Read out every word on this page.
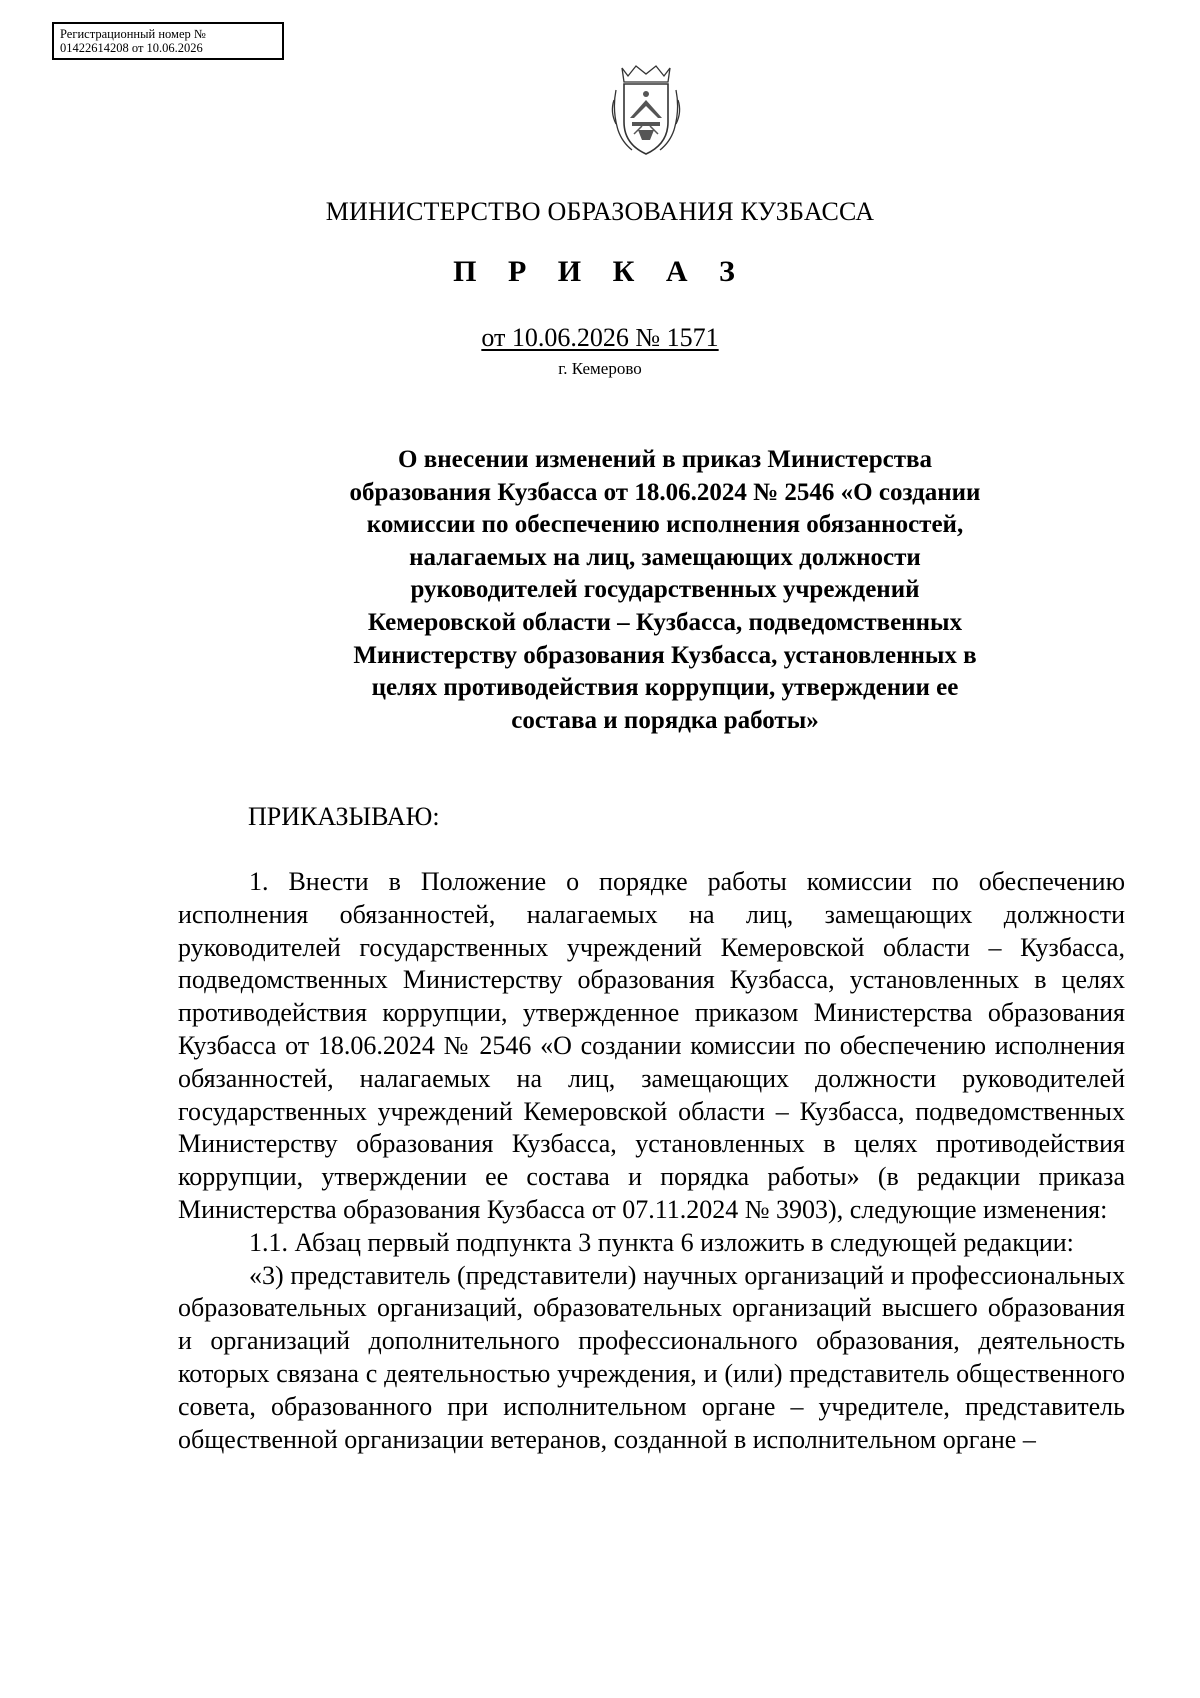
Регистрационный номер №
01422614208 от 10.06.2026
МИНИСТЕРСТВО ОБРАЗОВАНИЯ КУЗБАССА
П Р И К А З
от 10.06.2026 № 1571
г. Кемерово
О внесении изменений в приказ Министерства
образования Кузбасса от 18.06.2024 № 2546 «О создании
комиссии по обеспечению исполнения обязанностей,
налагаемых на лиц, замещающих должности
руководителей государственных учреждений
Кемеровской области – Кузбасса, подведомственных
Министерству образования Кузбасса, установленных в
целях противодействия коррупции, утверждении ее
состава и порядка работы»
ПРИКАЗЫВАЮ:

1. Внести в Положение о порядке работы комиссии по обеспечению исполнения обязанностей, налагаемых на лиц, замещающих должности руководителей государственных учреждений Кемеровской области – Кузбасса, подведомственных Министерству образования Кузбасса, установленных в целях противодействия коррупции, утвержденное приказом Министерства образования Кузбасса от 18.06.2024 № 2546 «О создании комиссии по обеспечению исполнения обязанностей, налагаемых на лиц, замещающих должности руководителей государственных учреждений Кемеровской области – Кузбасса, подведомственных Министерству образования Кузбасса, установленных в целях противодействия коррупции, утверждении ее состава и порядка работы» (в редакции приказа Министерства образования Кузбасса от 07.11.2024 № 3903), следующие изменения:

1.1. Абзац первый подпункта 3 пункта 6 изложить в следующей редакции:

«3) представитель (представители) научных организаций и профессиональных образовательных организаций, образовательных организаций высшего образования и организаций дополнительного профессионального образования, деятельность которых связана с деятельностью учреждения, и (или) представитель общественного совета, образованного при исполнительном органе – учредителе, представитель общественной организации ветеранов, созданной в исполнительном органе –
